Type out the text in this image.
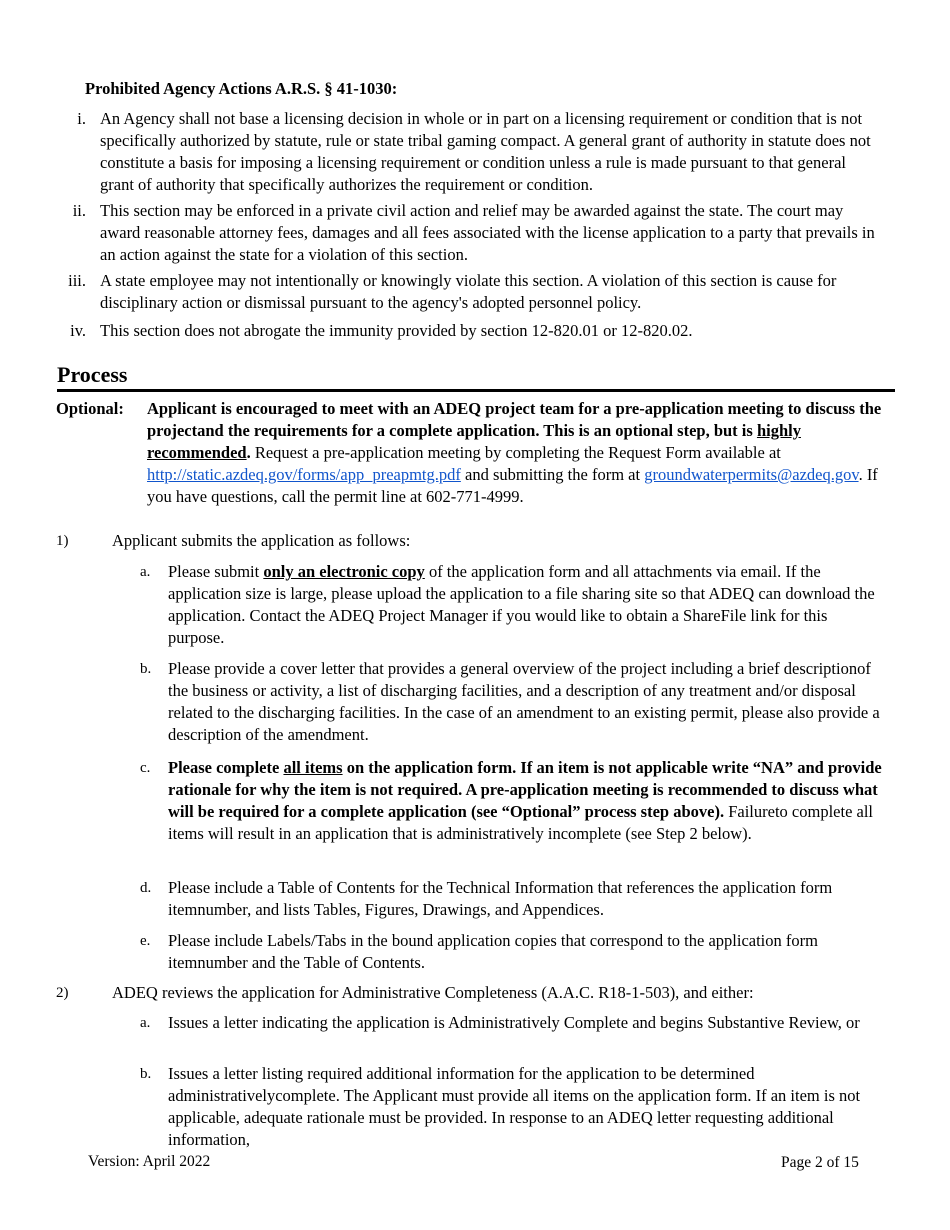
Prohibited Agency Actions A.R.S. § 41-1030:
i. An Agency shall not base a licensing decision in whole or in part on a licensing requirement or condition that is not specifically authorized by statute, rule or state tribal gaming compact. A general grant of authority in statute does not constitute a basis for imposing a licensing requirement or condition unless a rule is made pursuant to that general grant of authority that specifically authorizes the requirement or condition.
ii. This section may be enforced in a private civil action and relief may be awarded against the state. The court may award reasonable attorney fees, damages and all fees associated with the license application to a party that prevails in an action against the state for a violation of this section.
iii. A state employee may not intentionally or knowingly violate this section. A violation of this section is cause for disciplinary action or dismissal pursuant to the agency's adopted personnel policy.
iv. This section does not abrogate the immunity provided by section 12-820.01 or 12-820.02.
Process
Optional: Applicant is encouraged to meet with an ADEQ project team for a pre-application meeting to discuss the projectand the requirements for a complete application. This is an optional step, but is highly recommended. Request a pre-application meeting by completing the Request Form available at http://static.azdeq.gov/forms/app_preapmtg.pdf and submitting the form at groundwaterpermits@azdeq.gov. If you have questions, call the permit line at 602-771-4999.
1)	Applicant submits the application as follows:
a. Please submit only an electronic copy of the application form and all attachments via email. If the application size is large, please upload the application to a file sharing site so that ADEQ can download the application. Contact the ADEQ Project Manager if you would like to obtain a ShareFile link for this purpose.
b. Please provide a cover letter that provides a general overview of the project including a brief descriptionof the business or activity, a list of discharging facilities, and a description of any treatment and/or disposal related to the discharging facilities. In the case of an amendment to an existing permit, please also provide a description of the amendment.
c. Please complete all items on the application form. If an item is not applicable write “NA” and provide rationale for why the item is not required. A pre-application meeting is recommended to discuss what will be required for a complete application (see “Optional” process step above). Failureto complete all items will result in an application that is administratively incomplete (see Step 2 below).
d. Please include a Table of Contents for the Technical Information that references the application form itemnumber, and lists Tables, Figures, Drawings, and Appendices.
e. Please include Labels/Tabs in the bound application copies that correspond to the application form itemnumber and the Table of Contents.
2)	ADEQ reviews the application for Administrative Completeness (A.A.C. R18-1-503), and either:
a. Issues a letter indicating the application is Administratively Complete and begins Substantive Review, or
b. Issues a letter listing required additional information for the application to be determined administrativelycomplete. The Applicant must provide all items on the application form. If an item is not applicable, adequate rationale must be provided. In response to an ADEQ letter requesting additional information,
Version: April 2022	Page 2 of 15
